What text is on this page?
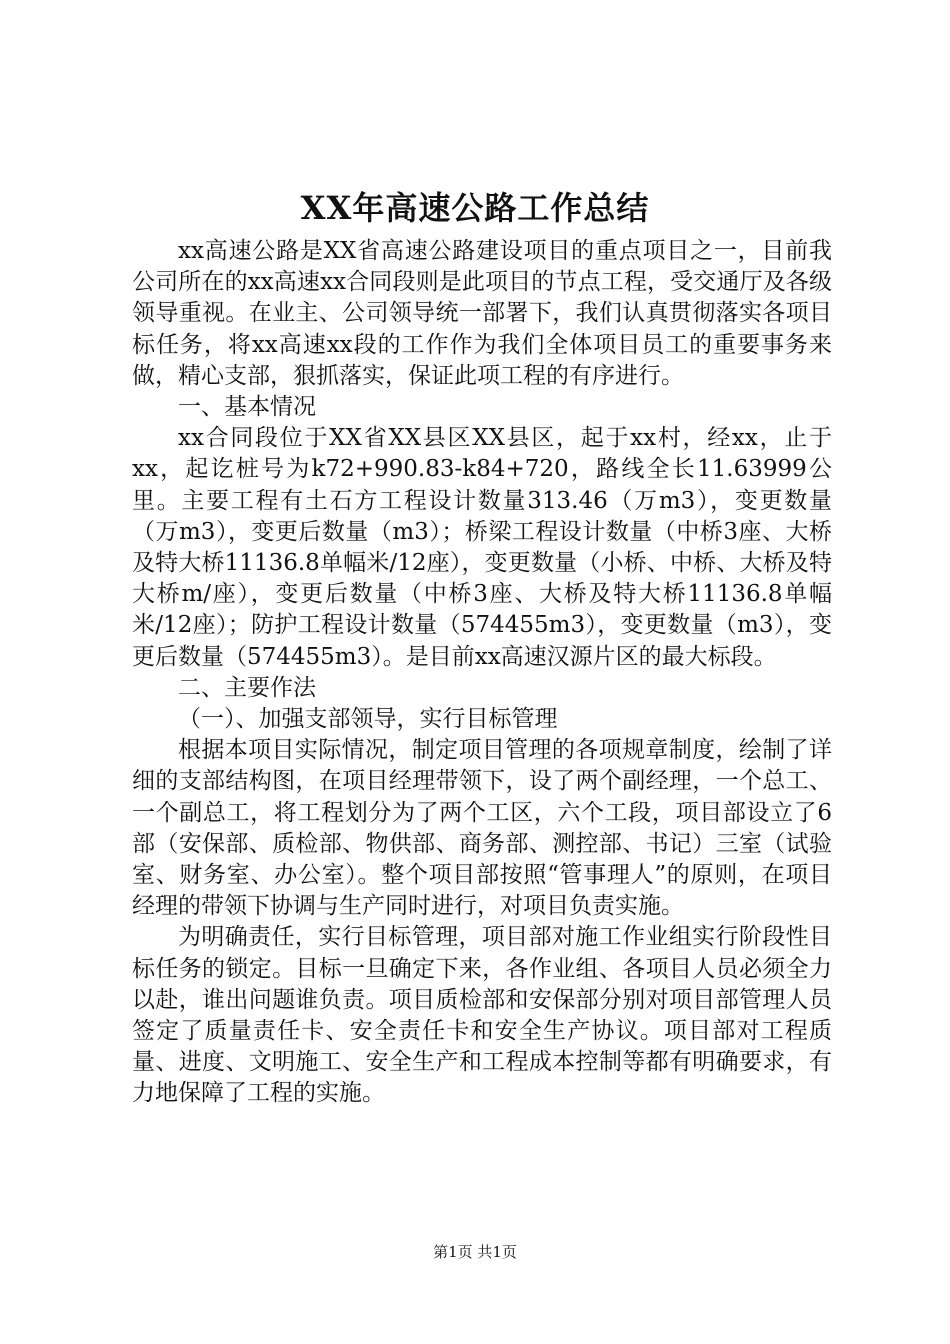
XX年高速公路工作总结

xx高速公路是XX省高速公路建设项目的重点项目之一，目前我公司所在的xx高速xx合同段则是此项目的节点工程，受交通厅及各级领导重视。在业主、公司领导统一部署下，我们认真贯彻落实各项目标任务，将xx高速xx段的工作作为我们全体项目员工的重要事务来做，精心支部，狠抓落实，保证此项工程的有序进行。

一、基本情况

xx合同段位于XX省XX县区XX县区，起于xx村，经xx，止于xx，起讫桩号为k72+990.83-k84+720，路线全长11.63999公里。主要工程有土石方工程设计数量313.46（万m3），变更数量（万m3），变更后数量（m3）；桥梁工程设计数量（中桥3座、大桥及特大桥11136.8单幅米/12座），变更数量（小桥、中桥、大桥及特大桥m/座），变更后数量（中桥3座、大桥及特大桥11136.8单幅米/12座）；防护工程设计数量（574455m3），变更数量（m3），变更后数量（574455m3）。是目前xx高速汉源片区的最大标段。

二、主要作法

（一）、加强支部领导，实行目标管理

根据本项目实际情况，制定项目管理的各项规章制度，绘制了详细的支部结构图，在项目经理带领下，设了两个副经理，一个总工、一个副总工，将工程划分为了两个工区，六个工段，项目部设立了6部（安保部、质检部、物供部、商务部、测控部、书记）三室（试验室、财务室、办公室）。整个项目部按照“管事理人”的原则，在项目经理的带领下协调与生产同时进行，对项目负责实施。

为明确责任，实行目标管理，项目部对施工作业组实行阶段性目标任务的锁定。目标一旦确定下来，各作业组、各项目人员必须全力以赴，谁出问题谁负责。项目质检部和安保部分别对项目部管理人员签定了质量责任卡、安全责任卡和安全生产协议。项目部对工程质量、进度、文明施工、安全生产和工程成本控制等都有明确要求，有力地保障了工程的实施。

第1页 共1页
